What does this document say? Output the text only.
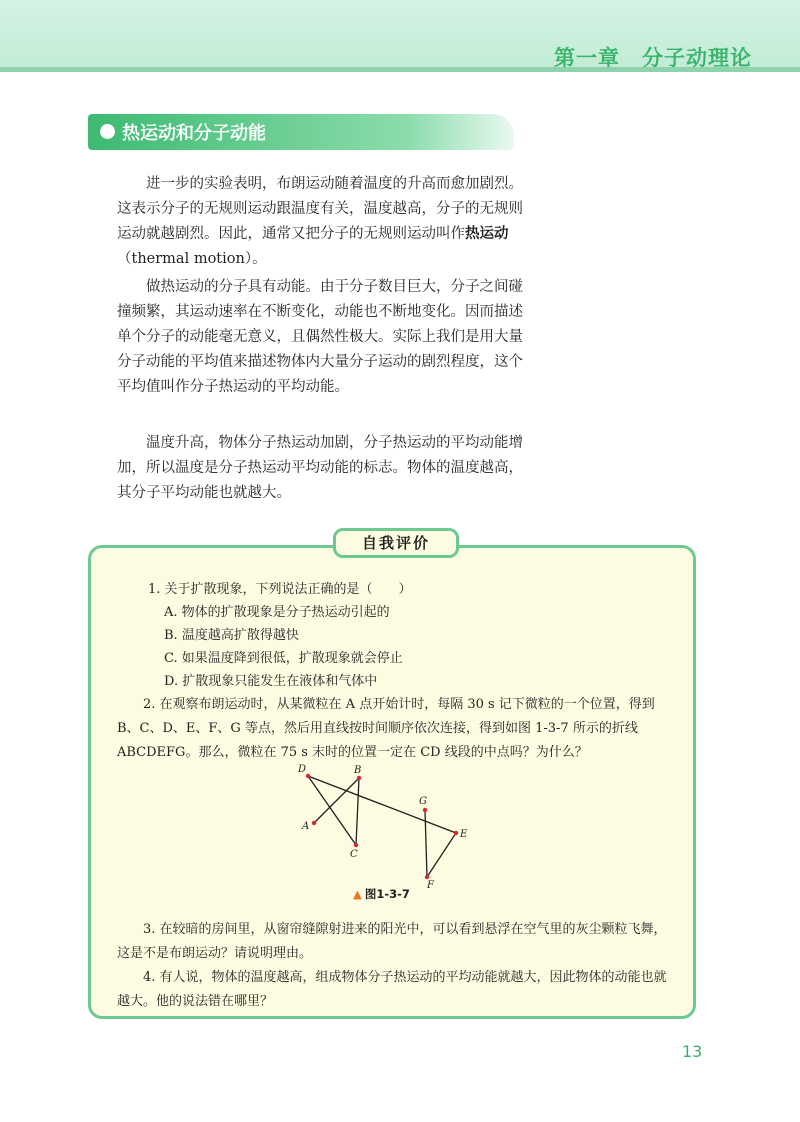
第一章　分子动理论
热运动和分子动能

进一步的实验表明，布朗运动随着温度的升高而愈加剧烈。这表示分子的无规则运动跟温度有关，温度越高，分子的无规则运动就越剧烈。因此，通常又把分子的无规则运动叫作热运动（thermal motion）。

做热运动的分子具有动能。由于分子数目巨大，分子之间碰撞频繁，其运动速率在不断变化，动能也不断地变化。因而描述单个分子的动能毫无意义，且偶然性极大。实际上我们是用大量分子动能的平均值来描述物体内大量分子运动的剧烈程度，这个平均值叫作分子热运动的平均动能。

温度升高，物体分子热运动加剧，分子热运动的平均动能增加，所以温度是分子热运动平均动能的标志。物体的温度越高，其分子平均动能也就越大。

自我评价

1. 关于扩散现象，下列说法正确的是（　　）

A. 物体的扩散现象是分子热运动引起的

B. 温度越高扩散得越快

C. 如果温度降到很低，扩散现象就会停止

D. 扩散现象只能发生在液体和气体中

2. 在观察布朗运动时，从某微粒在 A 点开始计时，每隔 30 s 记下微粒的一个位置，得到 B、C、D、E、F、G 等点，然后用直线按时间顺序依次连接，得到如图 1-3-7 所示的折线 ABCDEFG。那么，微粒在 75 s 末时的位置一定在 CD 线段的中点吗？为什么？

A
B
C
D
E
F
G
▲ 图1-3-7

3. 在较暗的房间里，从窗帘缝隙射进来的阳光中，可以看到悬浮在空气里的灰尘颗粒飞舞，这是不是布朗运动？请说明理由。

4. 有人说，物体的温度越高，组成物体分子热运动的平均动能就越大，因此物体的动能也就越大。他的说法错在哪里？

13
